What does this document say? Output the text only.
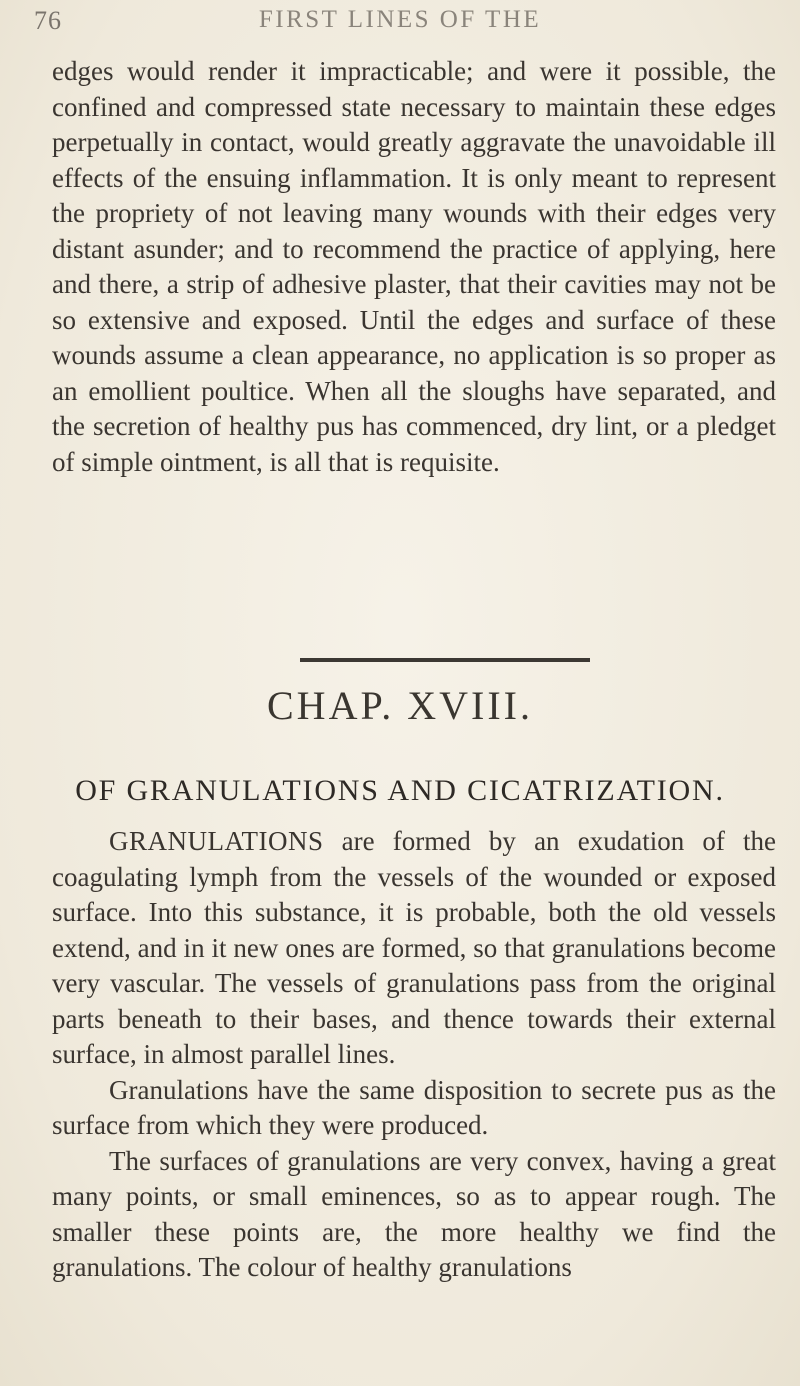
76	FIRST LINES OF THE

edges would render it impracticable; and were it possible, the confined and compressed state necessary to maintain these edges perpetually in contact, would greatly aggravate the unavoidable ill effects of the ensuing inflammation. It is only meant to represent the propriety of not leaving many wounds with their edges very distant asunder; and to recommend the practice of applying, here and there, a strip of adhesive plaster, that their cavities may not be so extensive and exposed. Until the edges and surface of these wounds assume a clean appearance, no application is so proper as an emollient poultice. When all the sloughs have separated, and the secretion of healthy pus has commenced, dry lint, or a pledget of simple ointment, is all that is requisite.

CHAP. XVIII.
OF GRANULATIONS AND CICATRIZATION.

GRANULATIONS are formed by an exudation of the coagulating lymph from the vessels of the wounded or exposed surface. Into this substance, it is probable, both the old vessels extend, and in it new ones are formed, so that granulations become very vascular. The vessels of granulations pass from the original parts beneath to their bases, and thence towards their external surface, in almost parallel lines.

Granulations have the same disposition to secrete pus as the surface from which they were produced.

The surfaces of granulations are very convex, having a great many points, or small eminences, so as to appear rough. The smaller these points are, the more healthy we find the granulations. The colour of healthy granulations
